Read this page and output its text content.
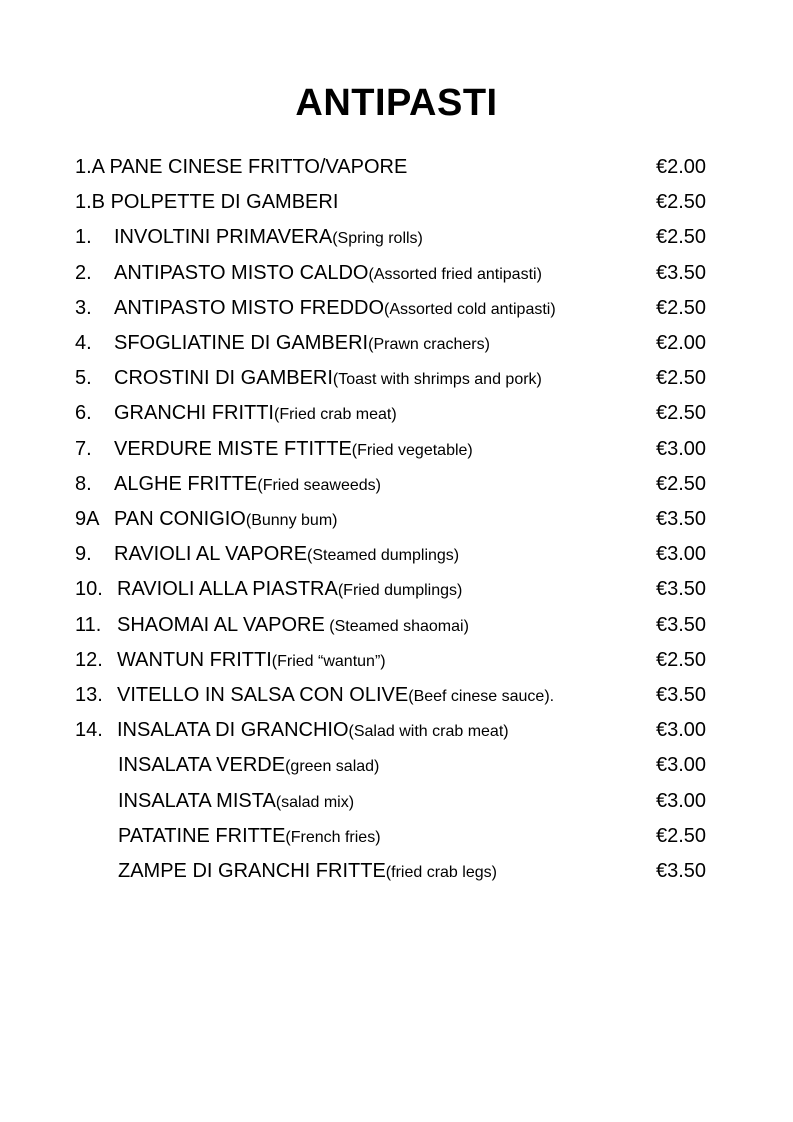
ANTIPASTI
1.A PANE CINESE FRITTO/VAPORE	€2.00
1.B POLPETTE DI GAMBERI	€2.50
1. INVOLTINI PRIMAVERA(Spring rolls)	€2.50
2. ANTIPASTO MISTO CALDO(Assorted fried antipasti)	€3.50
3. ANTIPASTO MISTO FREDDO(Assorted cold antipasti)	€2.50
4. SFOGLIATINE DI GAMBERI(Prawn crachers)	€2.00
5. CROSTINI DI GAMBERI(Toast with shrimps and pork)	€2.50
6. GRANCHI FRITTI(Fried crab meat)	€2.50
7. VERDURE MISTE FTITTE(Fried vegetable)	€3.00
8. ALGHE FRITTE(Fried seaweeds)	€2.50
9A PAN CONIGIO(Bunny bum)	€3.50
9. RAVIOLI AL VAPORE(Steamed dumplings)	€3.00
10. RAVIOLI ALLA PIASTRA(Fried dumplings)	€3.50
11. SHAOMAI AL VAPORE (Steamed shaomai)	€3.50
12. WANTUN FRITTI(Fried “wantun”)	€2.50
13. VITELLO IN SALSA CON OLIVE(Beef cinese sauce).	€3.50
14. INSALATA DI GRANCHIO(Salad with crab meat)	€3.00
INSALATA VERDE(green salad)	€3.00
INSALATA MISTA(salad mix)	€3.00
PATATINE FRITTE(French fries)	€2.50
ZAMPE DI GRANCHI FRITTE(fried crab legs)	€3.50
